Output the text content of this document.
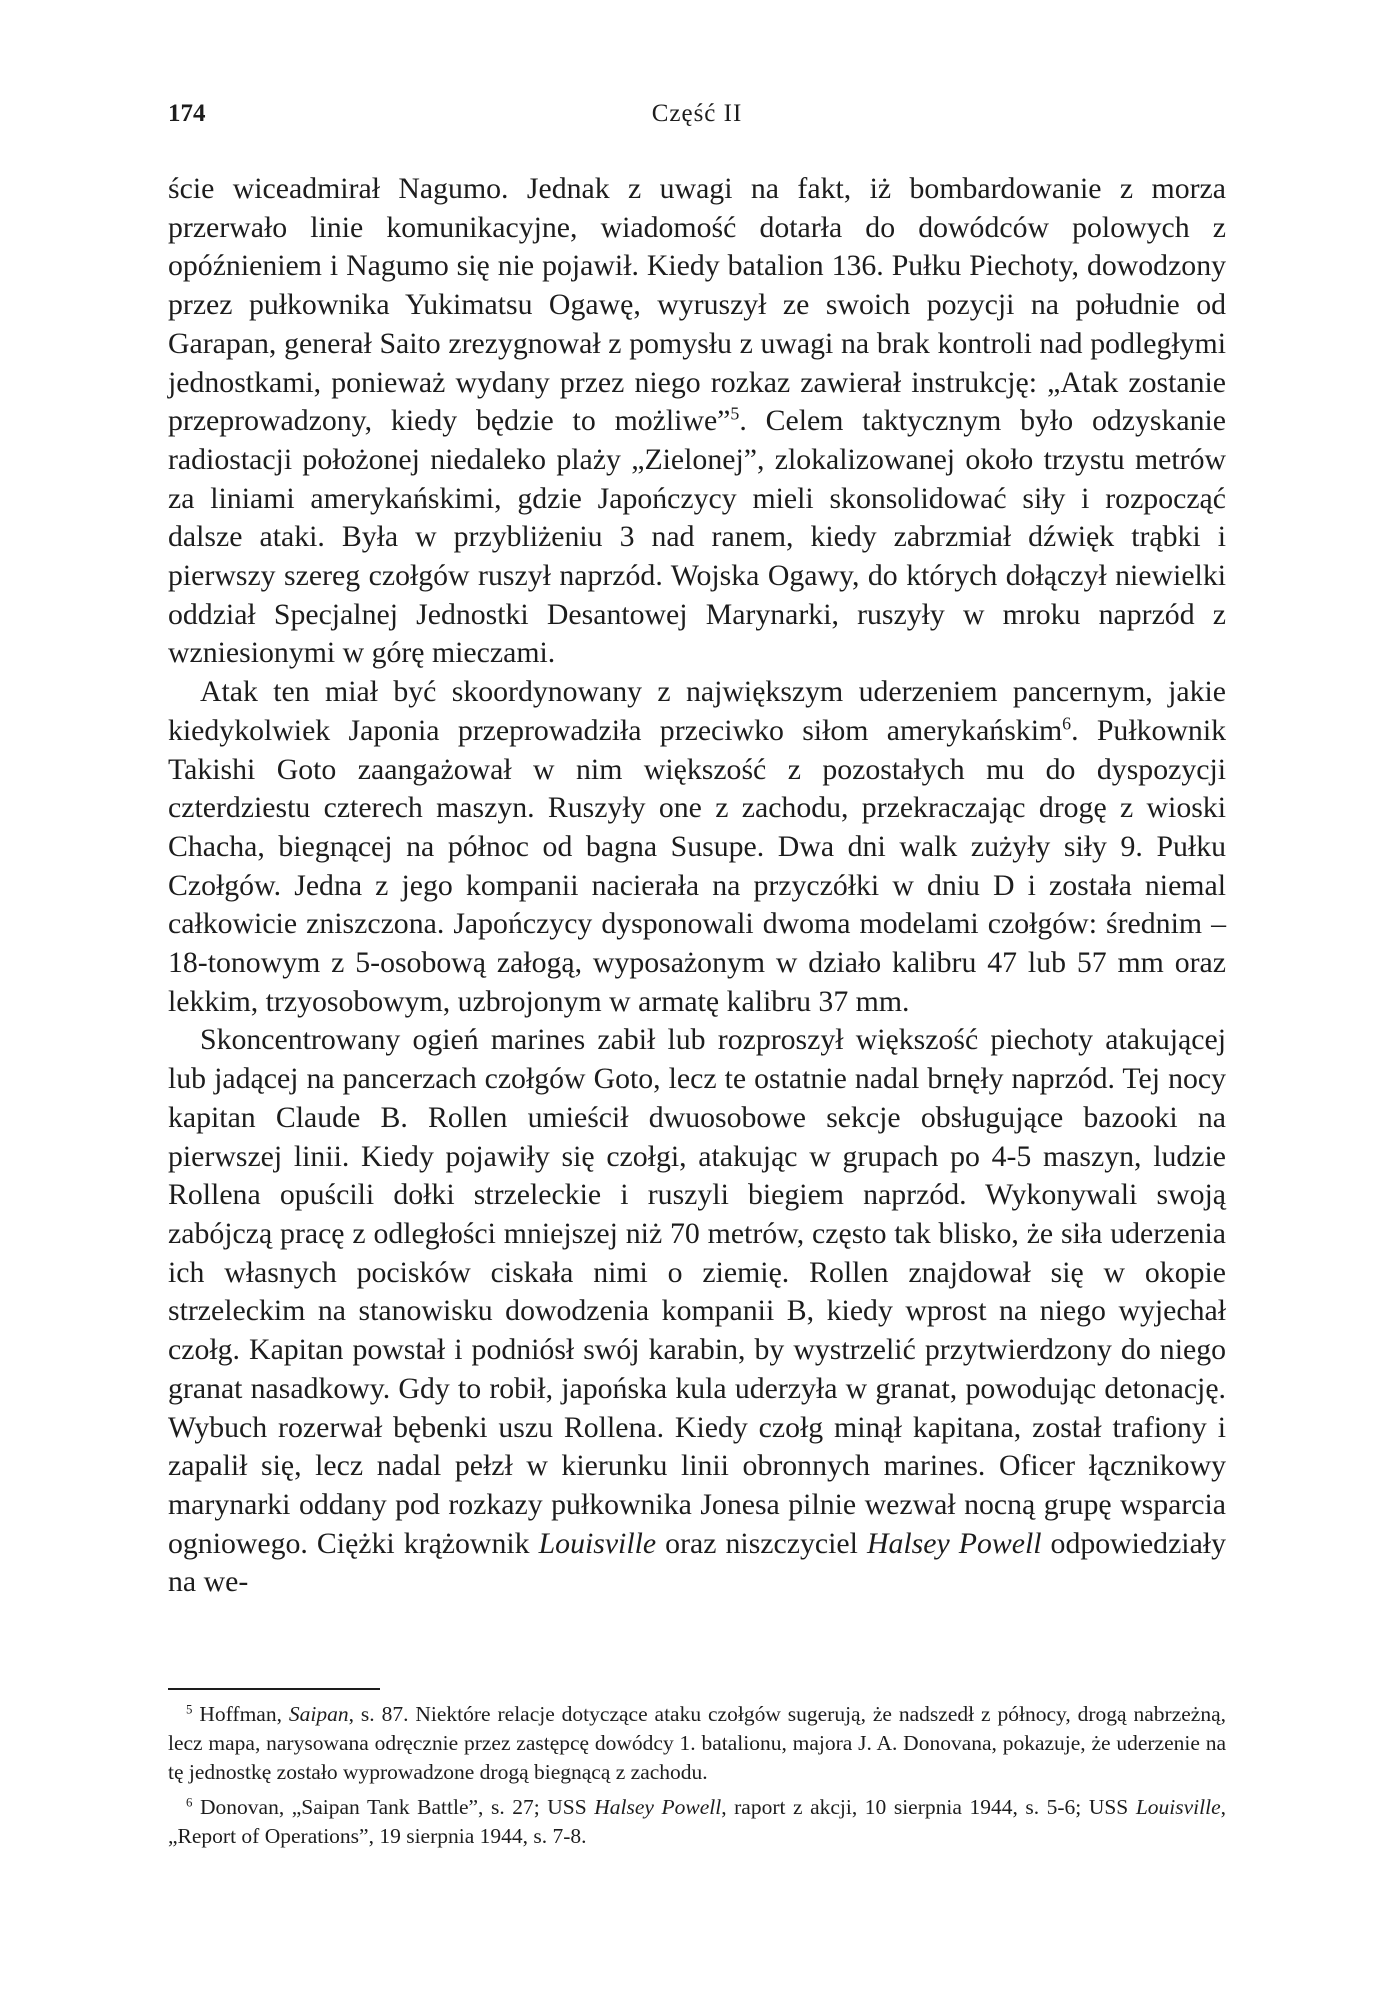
174	Część II

ście wiceadmirał Nagumo. Jednak z uwagi na fakt, iż bombardowanie z morza przerwało linie komunikacyjne, wiadomość dotarła do dowódców polowych z opóźnieniem i Nagumo się nie pojawił. Kiedy batalion 136. Pułku Piechoty, dowodzony przez pułkownika Yukimatsu Ogawę, wyruszył ze swoich pozycji na południe od Garapan, generał Saito zrezygnował z pomysłu z uwagi na brak kontroli nad podległymi jednostkami, ponieważ wydany przez niego rozkaz zawierał instrukcję: „Atak zostanie przeprowadzony, kiedy będzie to możliwe”$^5$. Celem taktycznym było odzyskanie radiostacji położonej niedaleko plaży „Zielonej”, zlokalizowanej około trzystu metrów za liniami amerykańskimi, gdzie Japończycy mieli skonsolidować siły i rozpocząć dalsze ataki. Była w przybliżeniu 3 nad ranem, kiedy zabrzmiał dźwięk trąbki i pierwszy szereg czołgów ruszył naprzód. Wojska Ogawy, do których dołączył niewielki oddział Specjalnej Jednostki Desantowej Marynarki, ruszyły w mroku naprzód z wzniesionymi w górę mieczami.

Atak ten miał być skoordynowany z największym uderzeniem pancernym, jakie kiedykolwiek Japonia przeprowadziła przeciwko siłom amerykańskim$^6$. Pułkownik Takishi Goto zaangażował w nim większość z pozostałych mu do dyspozycji czterdziestu czterech maszyn. Ruszyły one z zachodu, przekraczając drogę z wioski Chacha, biegnącej na północ od bagna Susupe. Dwa dni walk zużyły siły 9. Pułku Czołgów. Jedna z jego kompanii nacierała na przyczółki w dniu D i została niemal całkowicie zniszczona. Japończycy dysponowali dwoma modelami czołgów: średnim – 18-tonowym z 5-osobową załogą, wyposażonym w działo kalibru 47 lub 57 mm oraz lekkim, trzyosobowym, uzbrojonym w armatę kalibru 37 mm.

Skoncentrowany ogień marines zabił lub rozproszył większość piechoty atakującej lub jadącej na pancerzach czołgów Goto, lecz te ostatnie nadal brnęły naprzód. Tej nocy kapitan Claude B. Rollen umieścił dwuosobowe sekcje obsługujące bazooki na pierwszej linii. Kiedy pojawiły się czołgi, atakując w grupach po 4-5 maszyn, ludzie Rollena opuścili dołki strzeleckie i ruszyli biegiem naprzód. Wykonywali swoją zabójczą pracę z odległości mniejszej niż 70 metrów, często tak blisko, że siła uderzenia ich własnych pocisków ciskała nimi o ziemię. Rollen znajdował się w okopie strzeleckim na stanowisku dowodzenia kompanii B, kiedy wprost na niego wyjechał czołg. Kapitan powstał i podniósł swój karabin, by wystrzelić przytwierdzony do niego granat nasadkowy. Gdy to robił, japońska kula uderzyła w granat, powodując detonację. Wybuch rozerwał bębenki uszu Rollena. Kiedy czołg minął kapitana, został trafiony i zapalił się, lecz nadal pełzł w kierunku linii obronnych marines. Oficer łącznikowy marynarki oddany pod rozkazy pułkownika Jonesa pilnie wezwał nocną grupę wsparcia ogniowego. Ciężki krążownik Louisville oraz niszczyciel Halsey Powell odpowiedziały na we-

$^5$ Hoffman, Saipan, s. 87. Niektóre relacje dotyczące ataku czołgów sugerują, że nadszedł z północy, drogą nabrzeżną, lecz mapa, narysowana odręcznie przez zastępcę dowódcy 1. batalionu, majora J. A. Donovana, pokazuje, że uderzenie na tę jednostkę zostało wyprowadzone drogą biegnącą z zachodu.

$^6$ Donovan, „Saipan Tank Battle”, s. 27; USS Halsey Powell, raport z akcji, 10 sierpnia 1944, s. 5-6; USS Louisville, „Report of Operations”, 19 sierpnia 1944, s. 7-8.
